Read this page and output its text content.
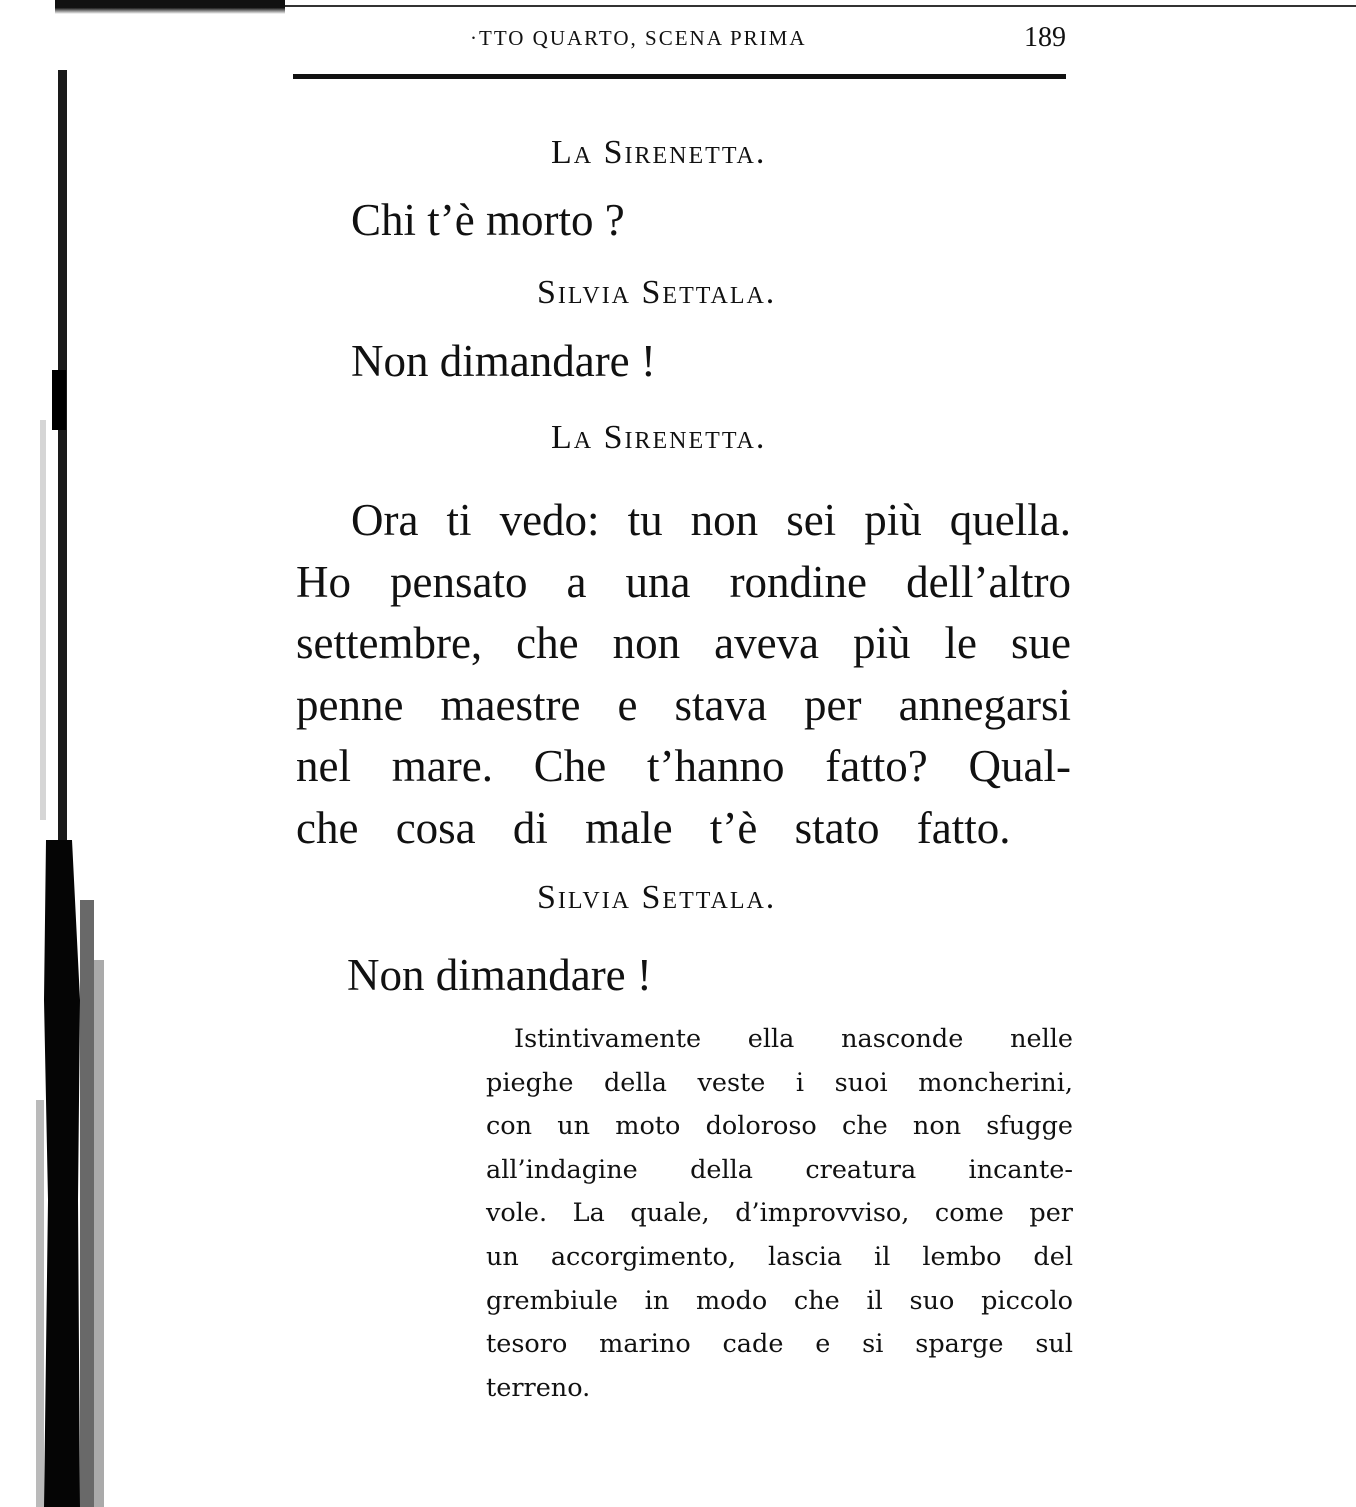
·TTO QUARTO, SCENA PRIMA	189
La Sirenetta.
Chi t’è morto ?
Silvia Settala.
Non dimandare !
La Sirenetta.
Ora ti vedo: tu non sei più quella.
Ho pensato a una rondine dell’altro
settembre, che non aveva più le sue
penne maestre e stava per annegarsi
nel mare. Che t’hanno fatto? Qual-
che cosa di male t’è stato fatto.
Silvia Settala.
Non dimandare !
Istintivamente ella nasconde nelle
pieghe della veste i suoi moncherini,
con un moto doloroso che non sfugge
all’indagine della creatura incante-
vole. La quale, d’improvviso, come per
un accorgimento, lascia il lembo del
grembiule in modo che il suo piccolo
tesoro marino cade e si sparge sul
terreno.
